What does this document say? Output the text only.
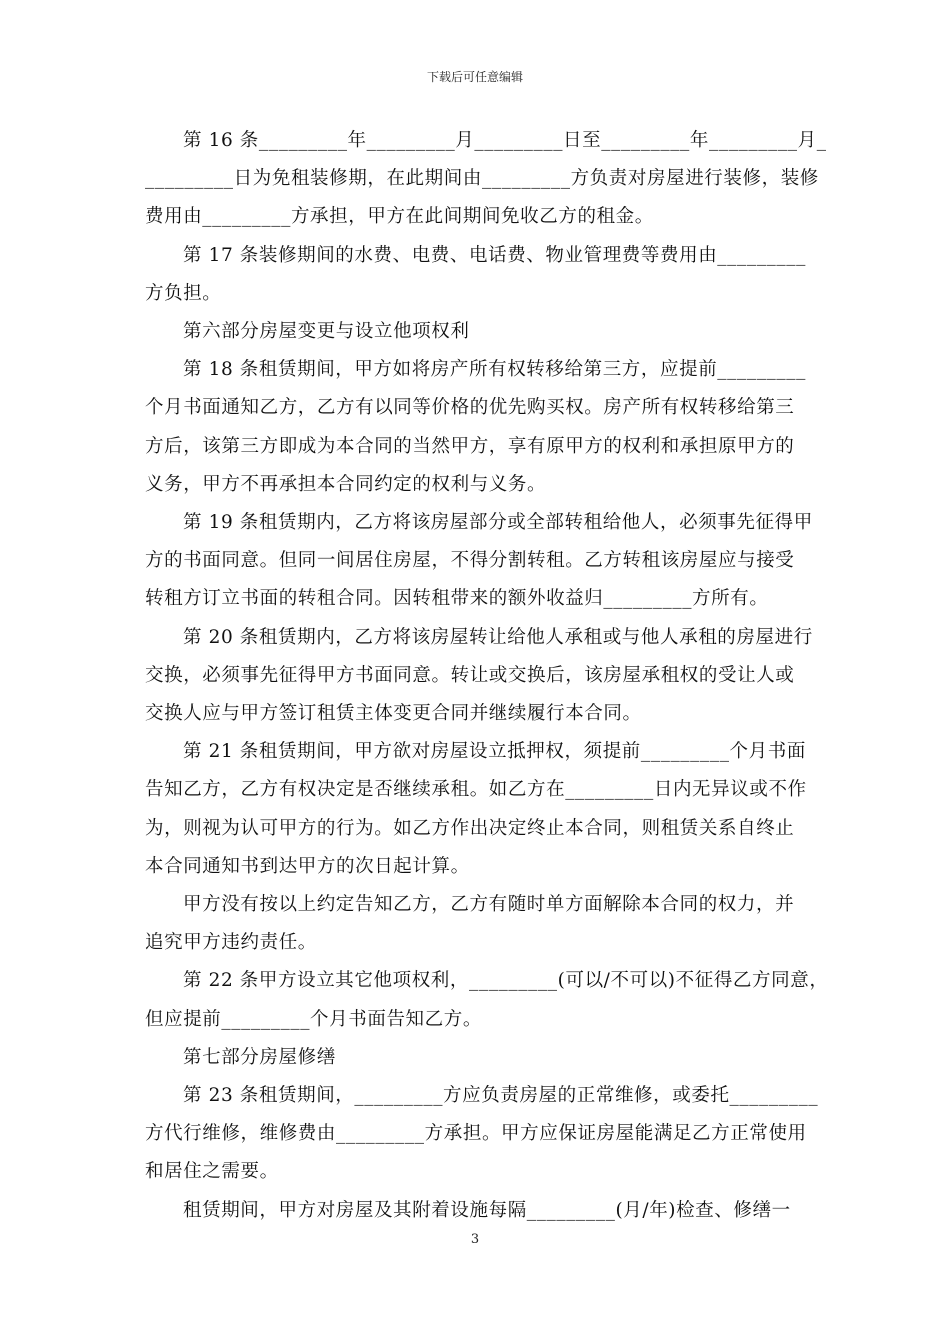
下载后可任意编辑

第 16 条_________年_________月_________日至_________年_________月_
_________日为免租装修期，在此期间由_________方负责对房屋进行装修，装修
费用由_________方承担，甲方在此间期间免收乙方的租金。

第 17 条装修期间的水费、电费、电话费、物业管理费等费用由_________
方负担。

第六部分房屋变更与设立他项权利

第 18 条租赁期间，甲方如将房产所有权转移给第三方，应提前_________
个月书面通知乙方，乙方有以同等价格的优先购买权。房产所有权转移给第三
方后，该第三方即成为本合同的当然甲方，享有原甲方的权利和承担原甲方的
义务，甲方不再承担本合同约定的权利与义务。

第 19 条租赁期内，乙方将该房屋部分或全部转租给他人，必须事先征得甲
方的书面同意。但同一间居住房屋，不得分割转租。乙方转租该房屋应与接受
转租方订立书面的转租合同。因转租带来的额外收益归_________方所有。

第 20 条租赁期内，乙方将该房屋转让给他人承租或与他人承租的房屋进行
交换，必须事先征得甲方书面同意。转让或交换后，该房屋承租权的受让人或
交换人应与甲方签订租赁主体变更合同并继续履行本合同。

第 21 条租赁期间，甲方欲对房屋设立抵押权，须提前_________个月书面
告知乙方，乙方有权决定是否继续承租。如乙方在_________日内无异议或不作
为，则视为认可甲方的行为。如乙方作出决定终止本合同，则租赁关系自终止
本合同通知书到达甲方的次日起计算。

甲方没有按以上约定告知乙方，乙方有随时单方面解除本合同的权力，并
追究甲方违约责任。

第 22 条甲方设立其它他项权利，_________(可以/不可以)不征得乙方同意，
但应提前_________个月书面告知乙方。

第七部分房屋修缮

第 23 条租赁期间，_________方应负责房屋的正常维修，或委托_________
方代行维修，维修费由_________方承担。甲方应保证房屋能满足乙方正常使用
和居住之需要。

租赁期间，甲方对房屋及其附着设施每隔_________(月/年)检查、修缮一

3
